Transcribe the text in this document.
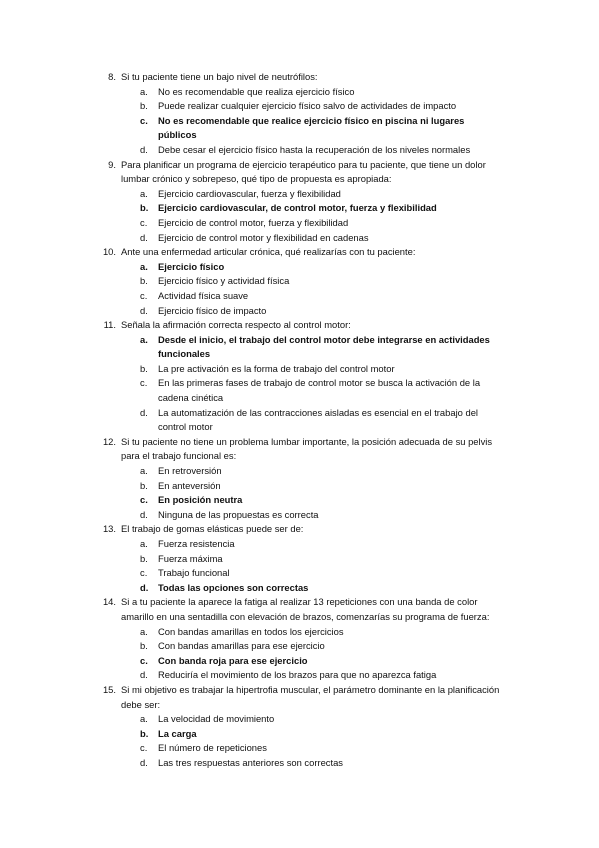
8. Si tu paciente tiene un bajo nivel de neutrófilos:
a. No es recomendable que realiza ejercicio físico
b. Puede realizar cualquier ejercicio físico salvo de actividades de impacto
c. No es recomendable que realice ejercicio físico en piscina ni lugares públicos
d. Debe cesar el ejercicio físico hasta la recuperación de los niveles normales
9. Para planificar un programa de ejercicio terapéutico para tu paciente, que tiene un dolor lumbar crónico y sobrepeso, qué tipo de propuesta es apropiada:
a. Ejercicio cardiovascular, fuerza y flexibilidad
b. Ejercicio cardiovascular, de control motor, fuerza y flexibilidad
c. Ejercicio de control motor, fuerza y flexibilidad
d. Ejercicio de control motor y flexibilidad en cadenas
10. Ante una enfermedad articular crónica, qué realizarías con tu paciente:
a. Ejercicio físico
b. Ejercicio físico y actividad física
c. Actividad física suave
d. Ejercicio físico de impacto
11. Señala la afirmación correcta respecto al control motor:
a. Desde el inicio, el trabajo del control motor debe integrarse en actividades funcionales
b. La pre activación es la forma de trabajo del control motor
c. En las primeras fases de trabajo de control motor se busca la activación de la cadena cinética
d. La automatización de las contracciones aisladas es esencial en el trabajo del control motor
12. Si tu paciente no tiene un problema lumbar importante, la posición adecuada de su pelvis para el trabajo funcional es:
a. En retroversión
b. En anteversión
c. En posición neutra
d. Ninguna de las propuestas es correcta
13. El trabajo de gomas elásticas puede ser de:
a. Fuerza resistencia
b. Fuerza máxima
c. Trabajo funcional
d. Todas las opciones son correctas
14. Si a tu paciente la aparece la fatiga al realizar 13 repeticiones con una banda de color amarillo en una sentadilla con elevación de brazos, comenzarías su programa de fuerza:
a. Con bandas amarillas en todos los ejercicios
b. Con bandas amarillas para ese ejercicio
c. Con banda roja para ese ejercicio
d. Reduciría el movimiento de los brazos para que no aparezca fatiga
15. Si mi objetivo es trabajar la hipertrofia muscular, el parámetro dominante en la planificación debe ser:
a. La velocidad de movimiento
b. La carga
c. El número de repeticiones
d. Las tres respuestas anteriores son correctas
